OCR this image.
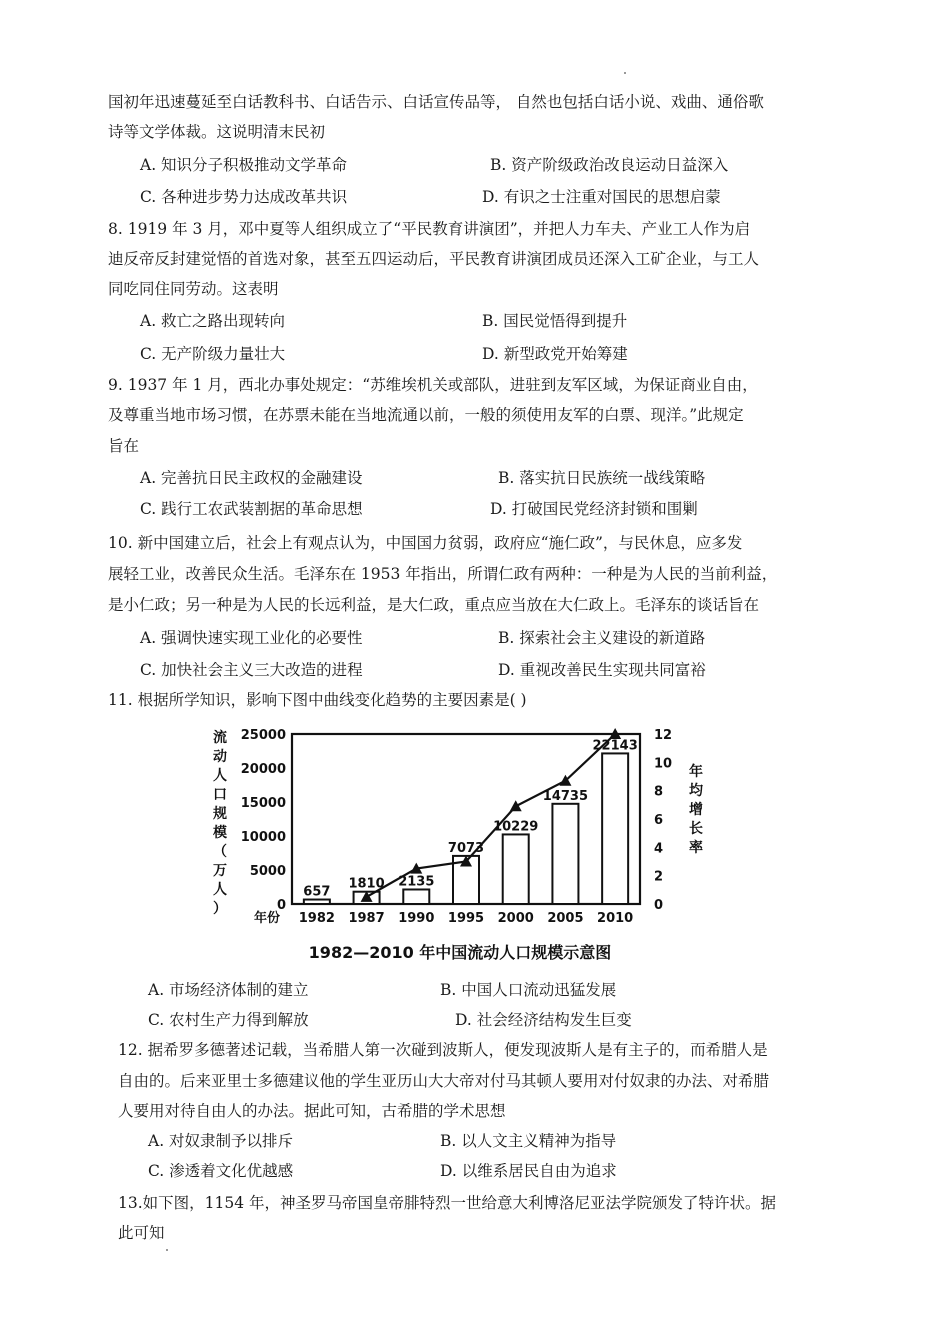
国初年迅速蔓延至白话教科书、白话告示、白话宣传品等， 自然也包括白话小说、戏曲、通俗歌
诗等文学体裁。这说明清末民初
A. 知识分子积极推动文学革命	B. 资产阶级政治改良运动日益深入
C. 各种进步势力达成改革共识	D. 有识之士注重对国民的思想启蒙
8. 1919 年 3 月，邓中夏等人组织成立了“平民教育讲演团”，并把人力车夫、产业工人作为启
迪反帝反封建觉悟的首选对象，甚至五四运动后，平民教育讲演团成员还深入工矿企业，与工人
同吃同住同劳动。这表明
A. 救亡之路出现转向	B. 国民觉悟得到提升
C. 无产阶级力量壮大	D. 新型政党开始筹建
9. 1937 年 1 月，西北办事处规定：“苏维埃机关或部队，进驻到友军区域，为保证商业自由，
及尊重当地市场习惯，在苏票未能在当地流通以前，一般的须使用友军的白票、现洋。”此规定
旨在
A. 完善抗日民主政权的金融建设	B. 落实抗日民族统一战线策略
C. 践行工农武装割据的革命思想	D. 打破国民党经济封锁和围剿
10. 新中国建立后，社会上有观点认为，中国国力贫弱，政府应“施仁政”，与民休息，应多发
展轻工业，改善民众生活。毛泽东在 1953 年指出，所谓仁政有两种：一种是为人民的当前利益，
是小仁政；另一种是为人民的长远利益，是大仁政，重点应当放在大仁政上。毛泽东的谈话旨在
A. 强调快速实现工业化的必要性	B. 探索社会主义建设的新道路
C. 加快社会主义三大改造的进程	D. 重视改善民生实现共同富裕
11. 根据所学知识，影响下图中曲线变化趋势的主要因素是( )
0
5000
10000
15000
20000
25000
0
2
4
6
8
10
12
657
1982
1810
1987
2135
1990
7073
1995
10229
2000
14735
2005
22143
2010
年份
流
动
人
口
规
模
（
万
人
）
年
均
增
长
率
1982—2010 年中国流动人口规模示意图
A. 市场经济体制的建立	B. 中国人口流动迅猛发展
C. 农村生产力得到解放	D. 社会经济结构发生巨变
12. 据希罗多德著述记载，当希腊人第一次碰到波斯人，便发现波斯人是有主子的，而希腊人是
自由的。后来亚里士多德建议他的学生亚历山大大帝对付马其顿人要用对付奴隶的办法、对希腊
人要用对待自由人的办法。据此可知，古希腊的学术思想
A. 对奴隶制予以排斥	B. 以人文主义精神为指导
C. 渗透着文化优越感	D. 以维系居民自由为追求
13.如下图，1154 年，神圣罗马帝国皇帝腓特烈一世给意大利博洛尼亚法学院颁发了特许状。据
此可知
